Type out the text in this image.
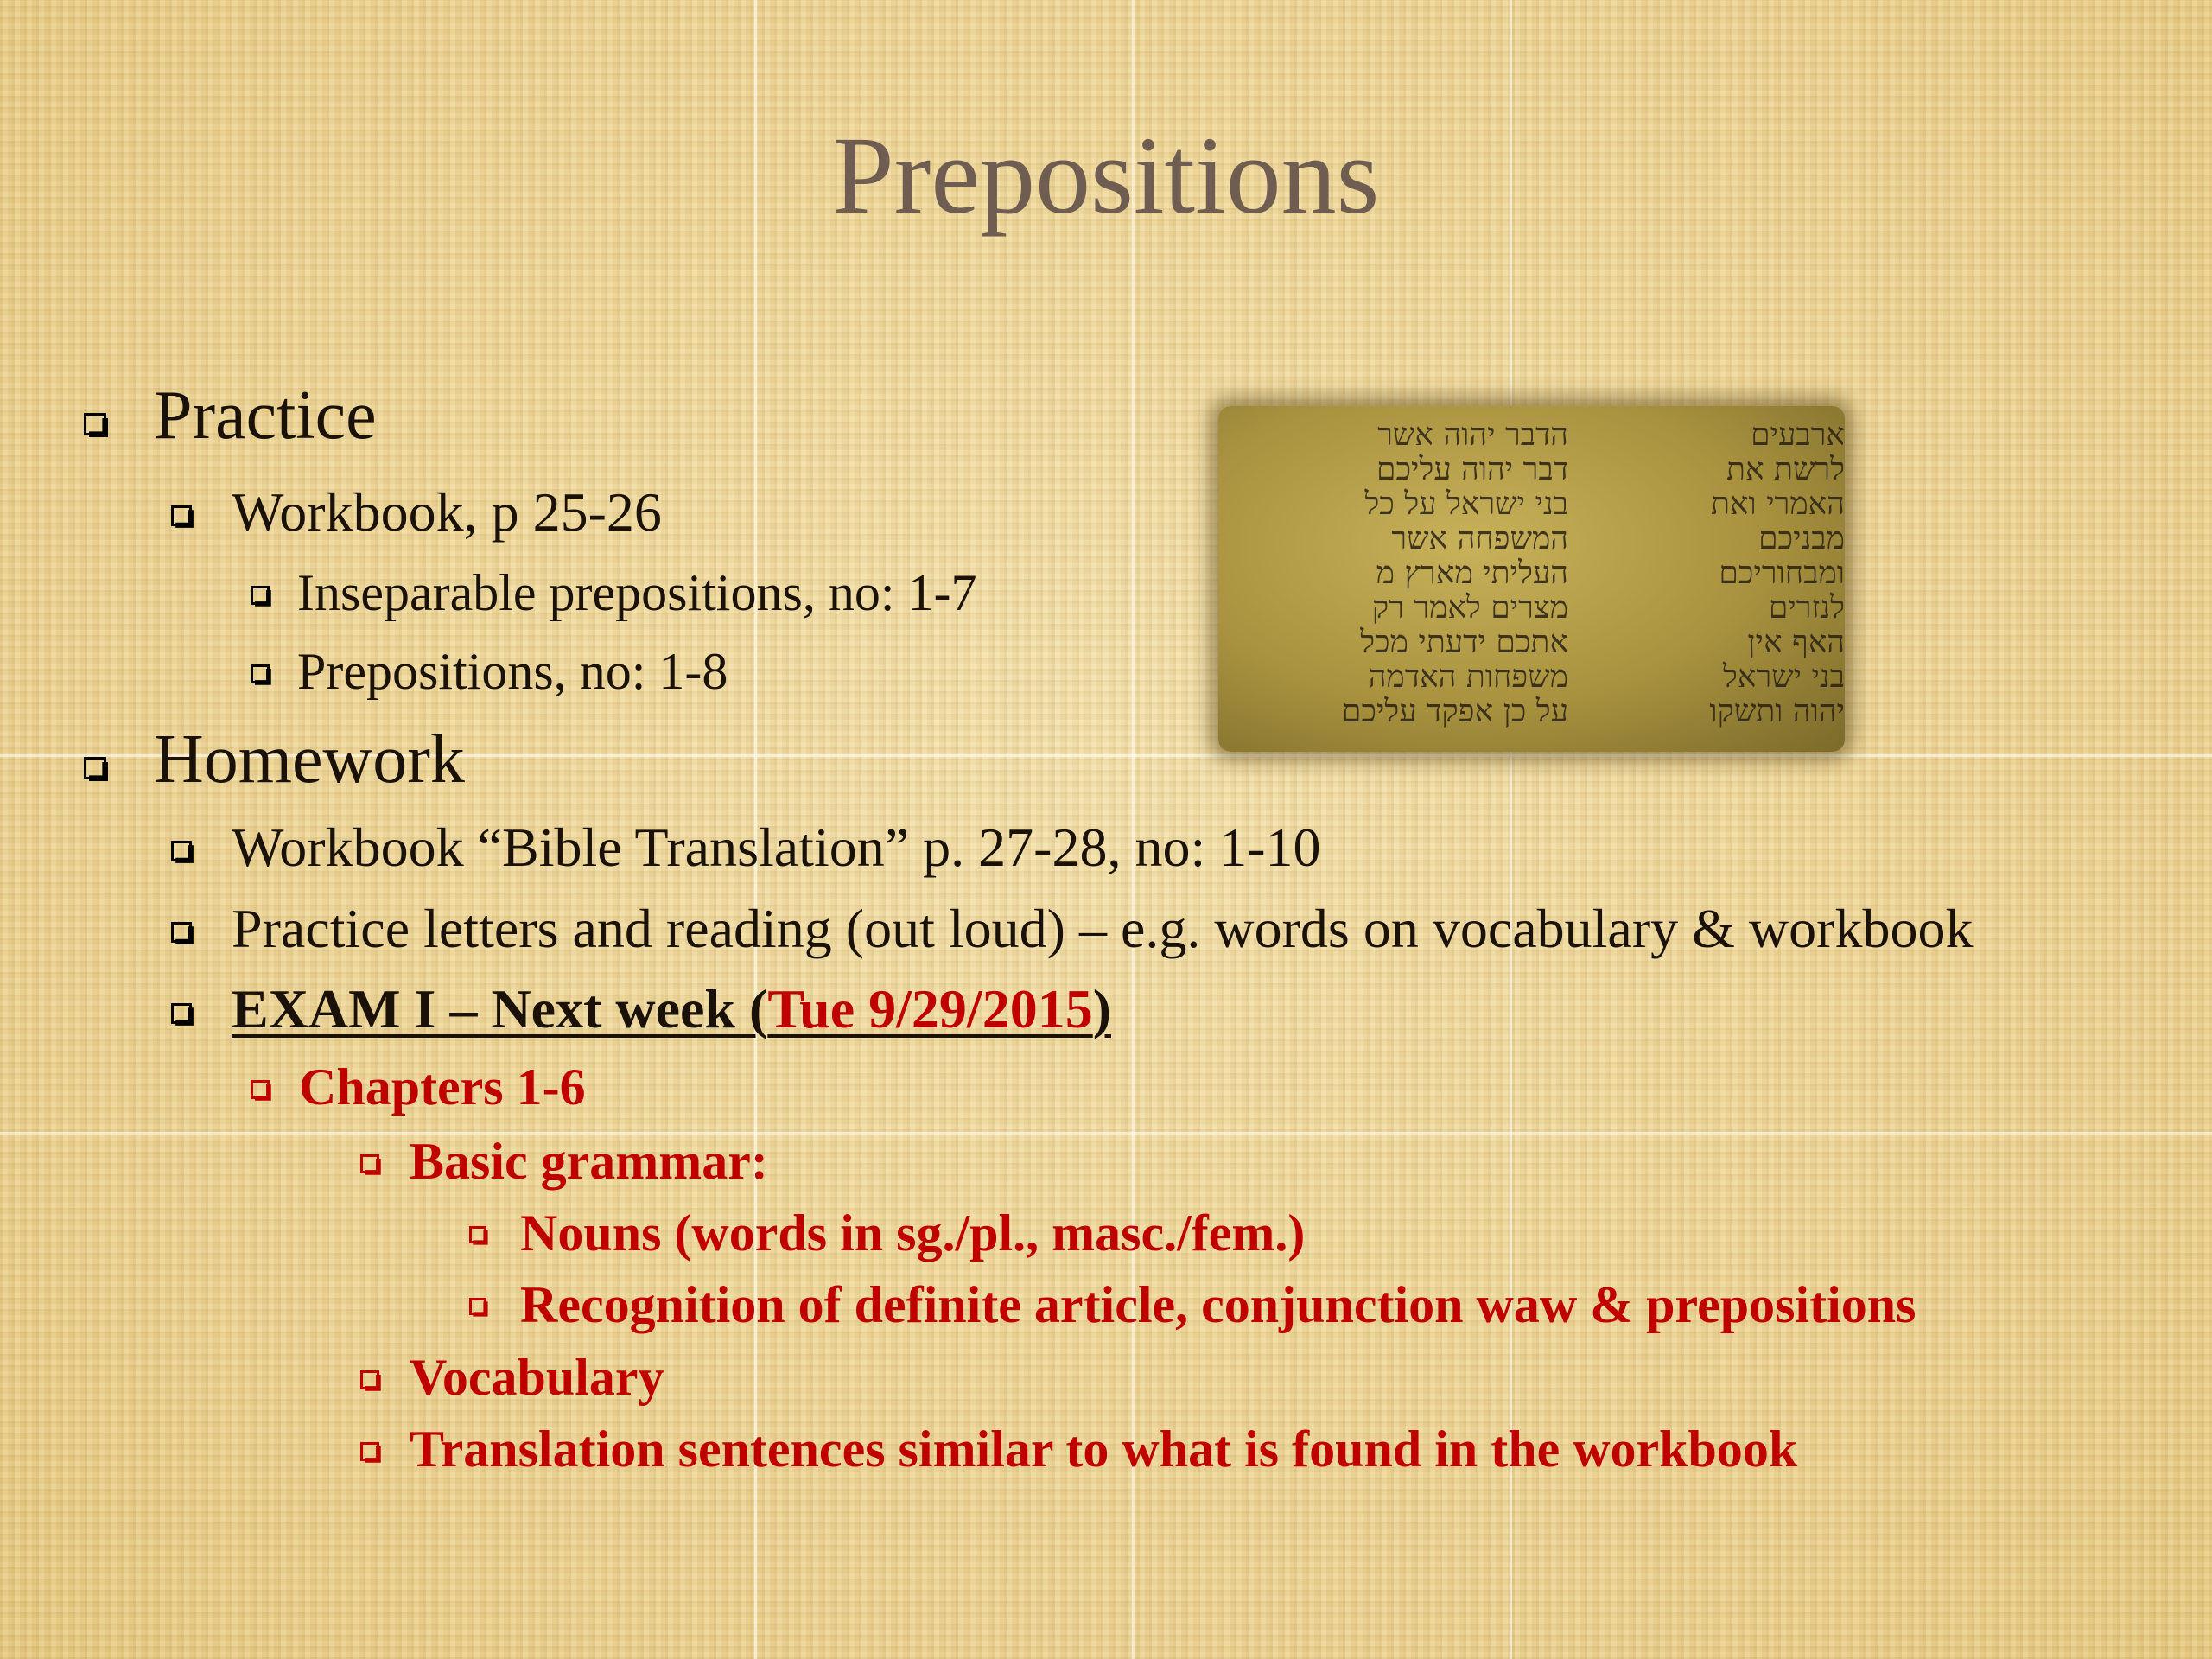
Prepositions
הדבר יהוה אשר
דבר יהוה עליכם
בני ישראל על כל
המשפחה אשר
העליתי מארץ מ
מצרים לאמר רק
אתכם ידעתי מכל
משפחות האדמה
על כן אפקד עליכם
ארבעים
לרשת את
האמרי ואת
מבניכם
ומבחוריכם
לנזרים
האף אין
בני ישראל
יהוה ותשקו
Practice
Workbook, p 25-26
Inseparable prepositions, no: 1-7
Prepositions, no: 1-8
Homework
Workbook “Bible Translation” p. 27-28, no: 1-10
Practice letters and reading (out loud) – e.g. words on vocabulary & workbook
EXAM I – Next week (Tue 9/29/2015)
Chapters 1-6
Basic grammar:
Nouns (words in sg./pl., masc./fem.)
Recognition of definite article, conjunction waw & prepositions
Vocabulary
Translation sentences similar to what is found in the workbook
